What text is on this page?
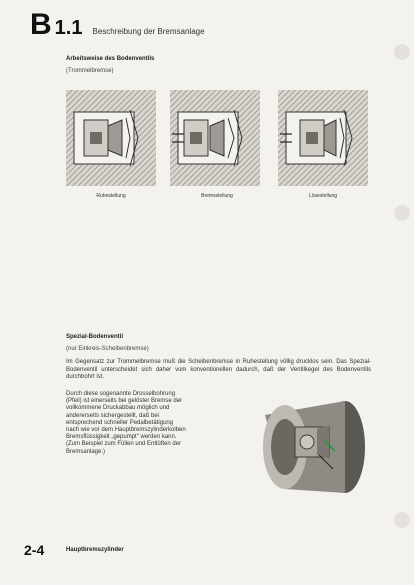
B 1.1 Beschreibung der Bremsanlage
Arbeitsweise des Bodenventils
(Trommelbremse)
Ruhestellung	Bremsstellung	Lösestellung
Spezial-Bodenventil
(nur Einkreis-Scheibenbremse)
Im Gegensatz zur Trommelbremse muß die Scheibenbremse in Ruhestellung völlig drucklos sein. Das Spezial-Bodenventil unterscheidet sich daher vom konventionellen dadurch, daß der Ventilkegel des Bodenventils durchbohrt ist.
Durch diese sogenannte Drosselbohrung (Pfeil) ist einerseits bei gelöster Bremse der vollkommene Druckabbau möglich und andererseits sichergestellt, daß bei entsprechend schneller Pedalbetätigung nach wie vor dem Hauptbremszylinderkolben Bremsflüssigkeit „gepumpt" werden kann. (Zum Beispiel zum Füllen und Entlüften der Bremsanlage.)
2-4	Hauptbremszylinder
